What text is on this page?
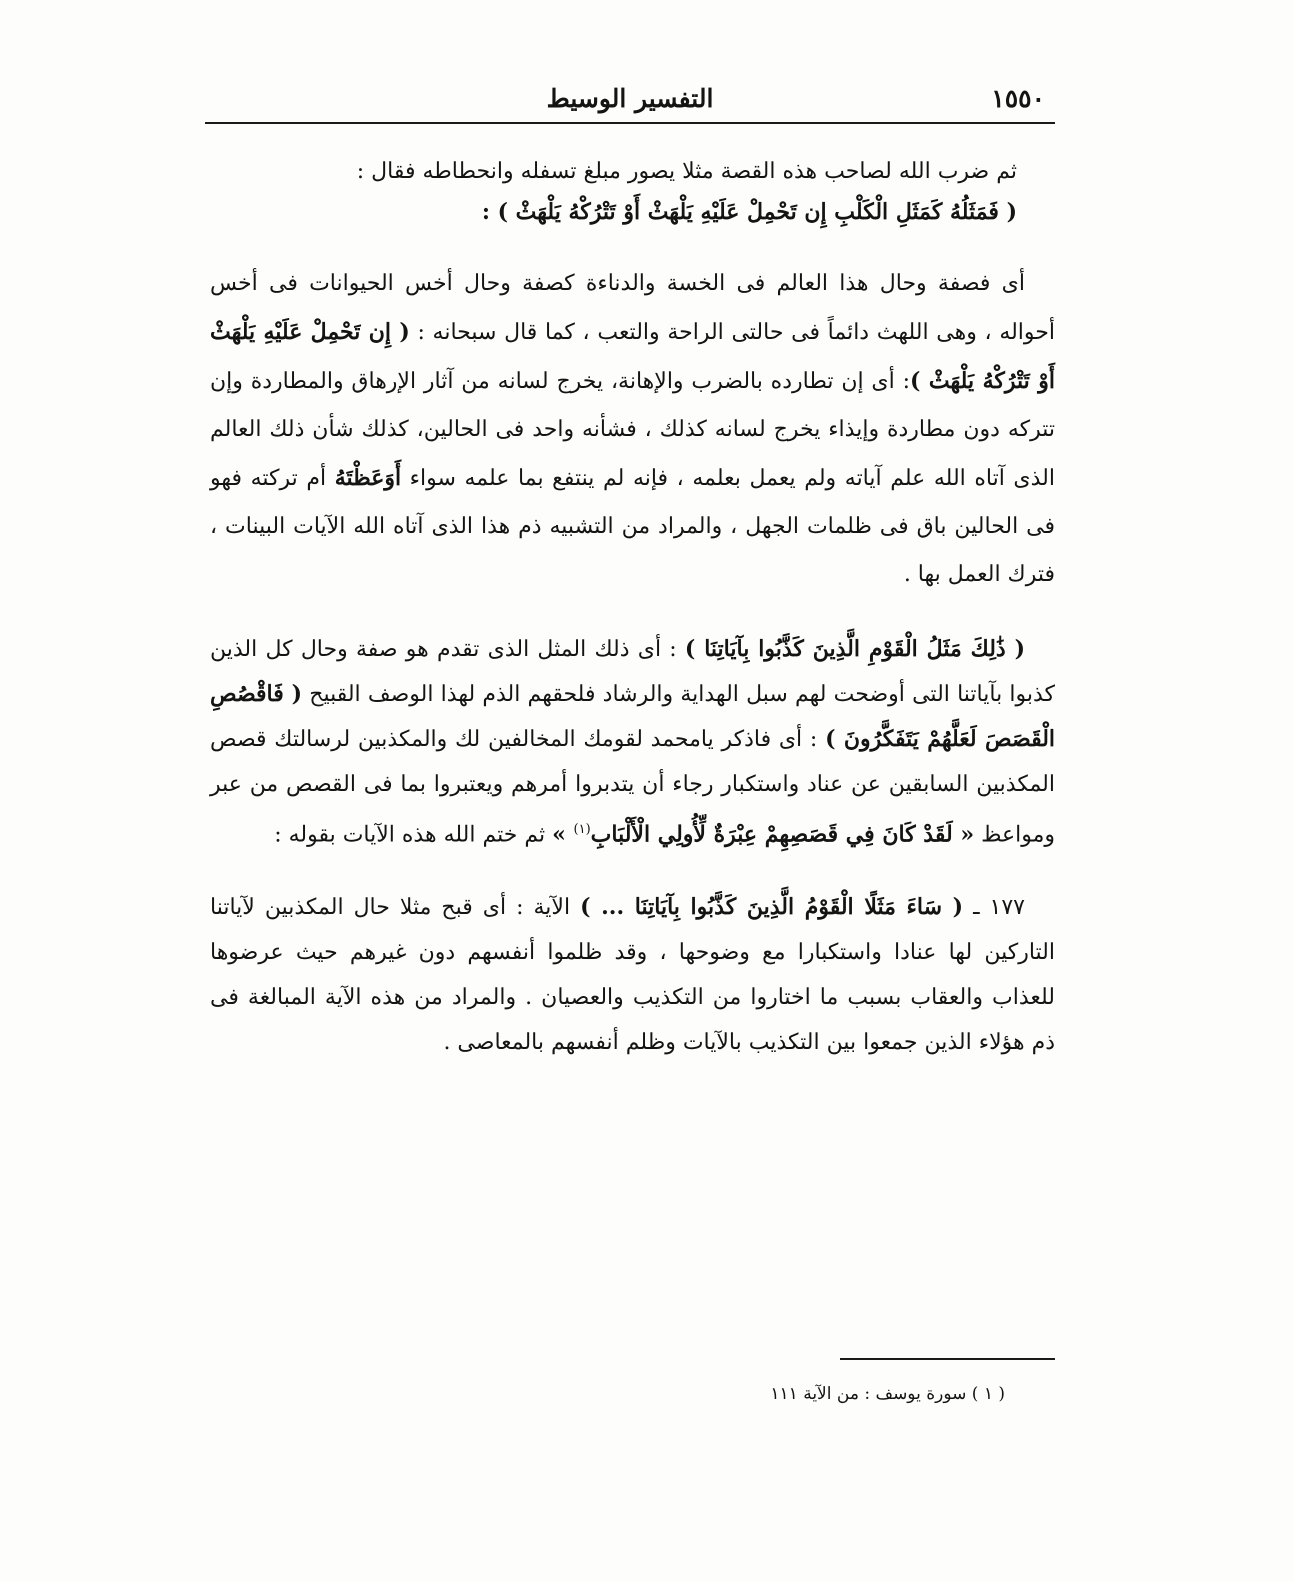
١٥٥٠
التفسير الوسيط

ثم ضرب الله لصاحب هذه القصة مثلا يصور مبلغ تسفله وانحطاطه فقال :

( فَمَثَلُهُ كَمَثَلِ الْكَلْبِ إِن تَحْمِلْ عَلَيْهِ يَلْهَثْ أَوْ تَتْرُكْهُ يَلْهَثْ ) :

أى فصفة وحال هذا العالم فى الخسة والدناءة كصفة وحال أخس الحيوانات فى أخس أحواله ، وهى اللهث دائماً فى حالتى الراحة والتعب ، كما قال سبحانه : ( إِن تَحْمِلْ عَلَيْهِ يَلْهَثْ أَوْ تَتْرُكْهُ يَلْهَثْ ): أى إن تطارده بالضرب والإهانة، يخرج لسانه من آثار الإرهاق والمطاردة وإن تتركه دون مطاردة وإيذاء يخرج لسانه كذلك ، فشأنه واحد فى الحالين، كذلك شأن ذلك العالم الذى آتاه الله علم آياته ولم يعمل بعلمه ، فإنه لم ينتفع بما علمه سواء أَوَعَظْتَهُ أم تركته فهو فى الحالين باق فى ظلمات الجهل ، والمراد من التشبيه ذم هذا الذى آتاه الله الآيات البينات ، فترك العمل بها .

( ذَٰلِكَ مَثَلُ الْقَوْمِ الَّذِينَ كَذَّبُوا بِآيَاتِنَا ) : أى ذلك المثل الذى تقدم هو صفة وحال كل الذين كذبوا بآياتنا التى أوضحت لهم سبل الهداية والرشاد فلحقهم الذم لهذا الوصف القبيح ( فَاقْصُصِ الْقَصَصَ لَعَلَّهُمْ يَتَفَكَّرُونَ ) : أى فاذكر يامحمد لقومك المخالفين لك والمكذبين لرسالتك قصص المكذبين السابقين عن عناد واستكبار رجاء أن يتدبروا أمرهم ويعتبروا بما فى القصص من عبر ومواعظ « لَقَدْ كَانَ فِي قَصَصِهِمْ عِبْرَةٌ لِّأُولِي الْأَلْبَابِ$^{(١)}$ » ثم ختم الله هذه الآيات بقوله :

١٧٧ ـ ( سَاءَ مَثَلًا الْقَوْمُ الَّذِينَ كَذَّبُوا بِآيَاتِنَا ... ) الآية : أى قبح مثلا حال المكذبين لآياتنا التاركين لها عنادا واستكبارا مع وضوحها ، وقد ظلموا أنفسهم دون غيرهم حيث عرضوها للعذاب والعقاب بسبب ما اختاروا من التكذيب والعصيان . والمراد من هذه الآية المبالغة فى ذم هؤلاء الذين جمعوا بين التكذيب بالآيات وظلم أنفسهم بالمعاصى .

( ١ ) سورة يوسف : من الآية ١١١
